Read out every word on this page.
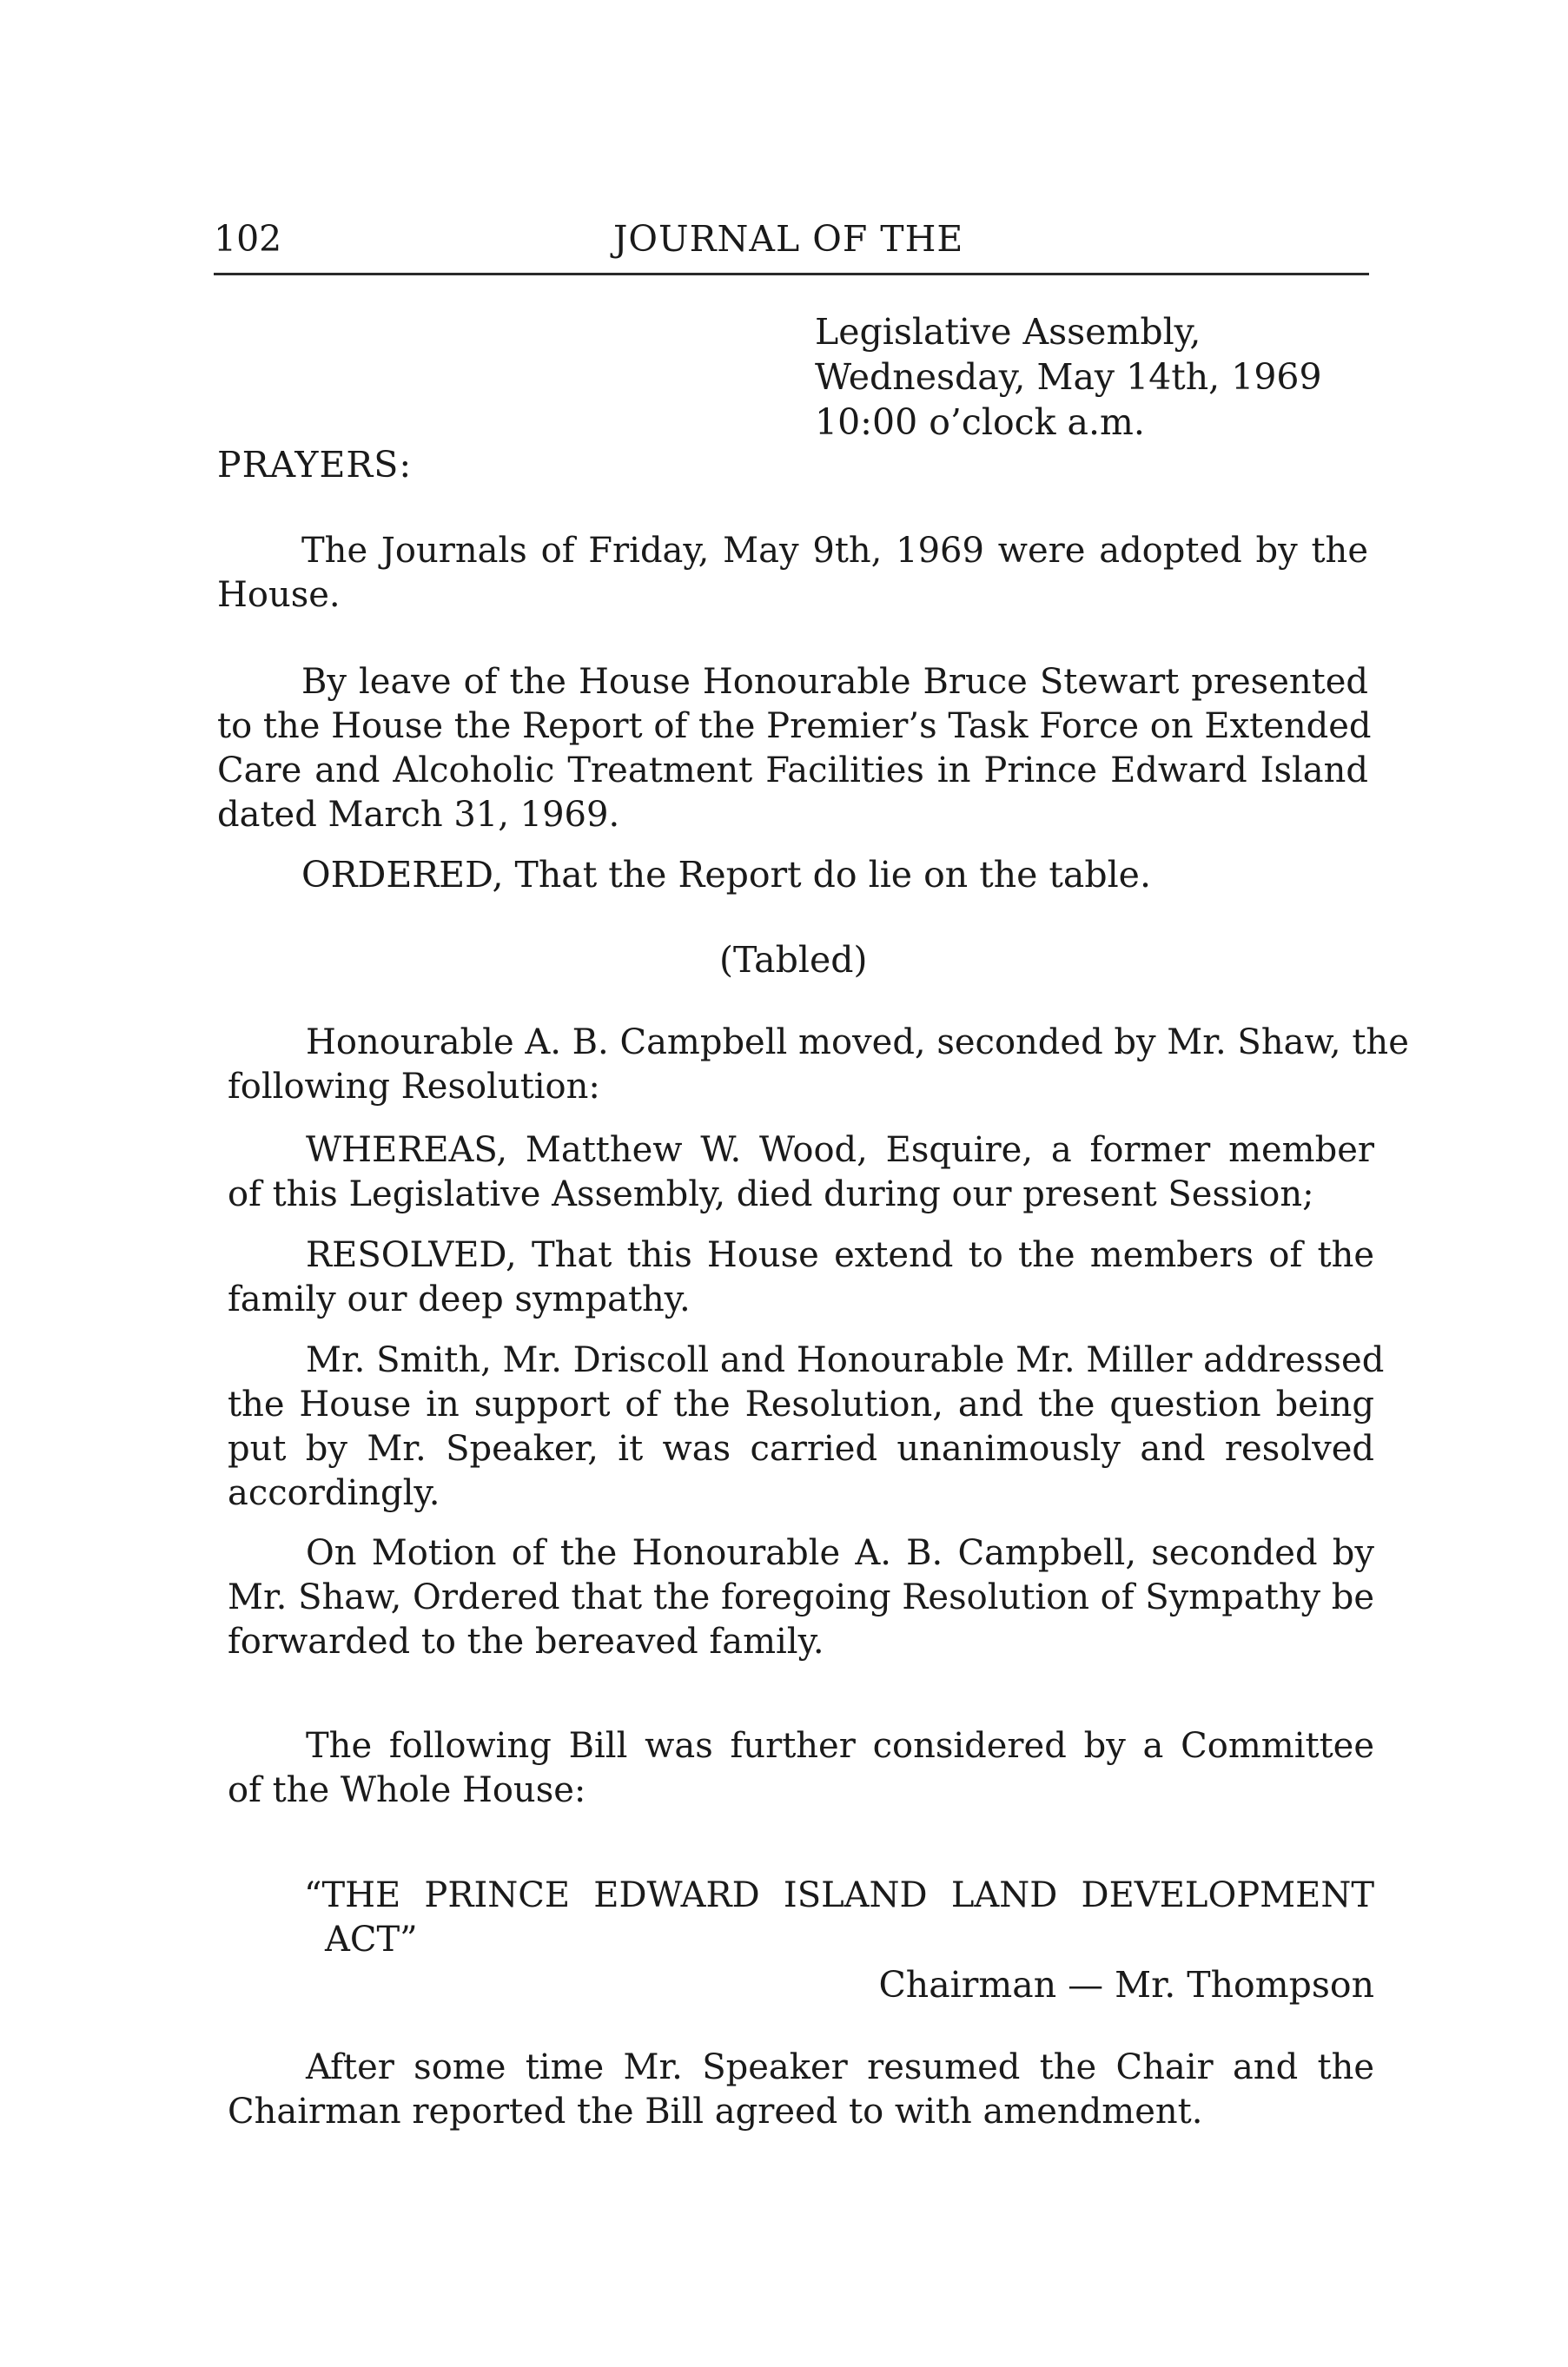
102	JOURNAL OF THE
Legislative Assembly,
Wednesday, May 14th, 1969
10:00 o’clock a.m.
PRAYERS:
The Journals of Friday, May 9th, 1969 were adopted by the
House.
By leave of the House Honourable Bruce Stewart presented
to the House the Report of the Premier’s Task Force on Extended
Care and Alcoholic Treatment Facilities in Prince Edward Island
dated March 31, 1969.
ORDERED, That the Report do lie on the table.
(Tabled)
Honourable A. B. Campbell moved, seconded by Mr. Shaw, the
following Resolution:
WHEREAS, Matthew W. Wood, Esquire, a former member
of this Legislative Assembly, died during our present Session;
RESOLVED, That this House extend to the members of the
family our deep sympathy.
Mr. Smith, Mr. Driscoll and Honourable Mr. Miller addressed
the House in support of the Resolution, and the question being
put by Mr. Speaker, it was carried unanimously and resolved
accordingly.
On Motion of the Honourable A. B. Campbell, seconded by
Mr. Shaw, Ordered that the foregoing Resolution of Sympathy be
forwarded to the bereaved family.
The following Bill was further considered by a Committee
of the Whole House:
“THE PRINCE EDWARD ISLAND LAND DEVELOPMENT
ACT”
Chairman — Mr. Thompson
After some time Mr. Speaker resumed the Chair and the
Chairman reported the Bill agreed to with amendment.
